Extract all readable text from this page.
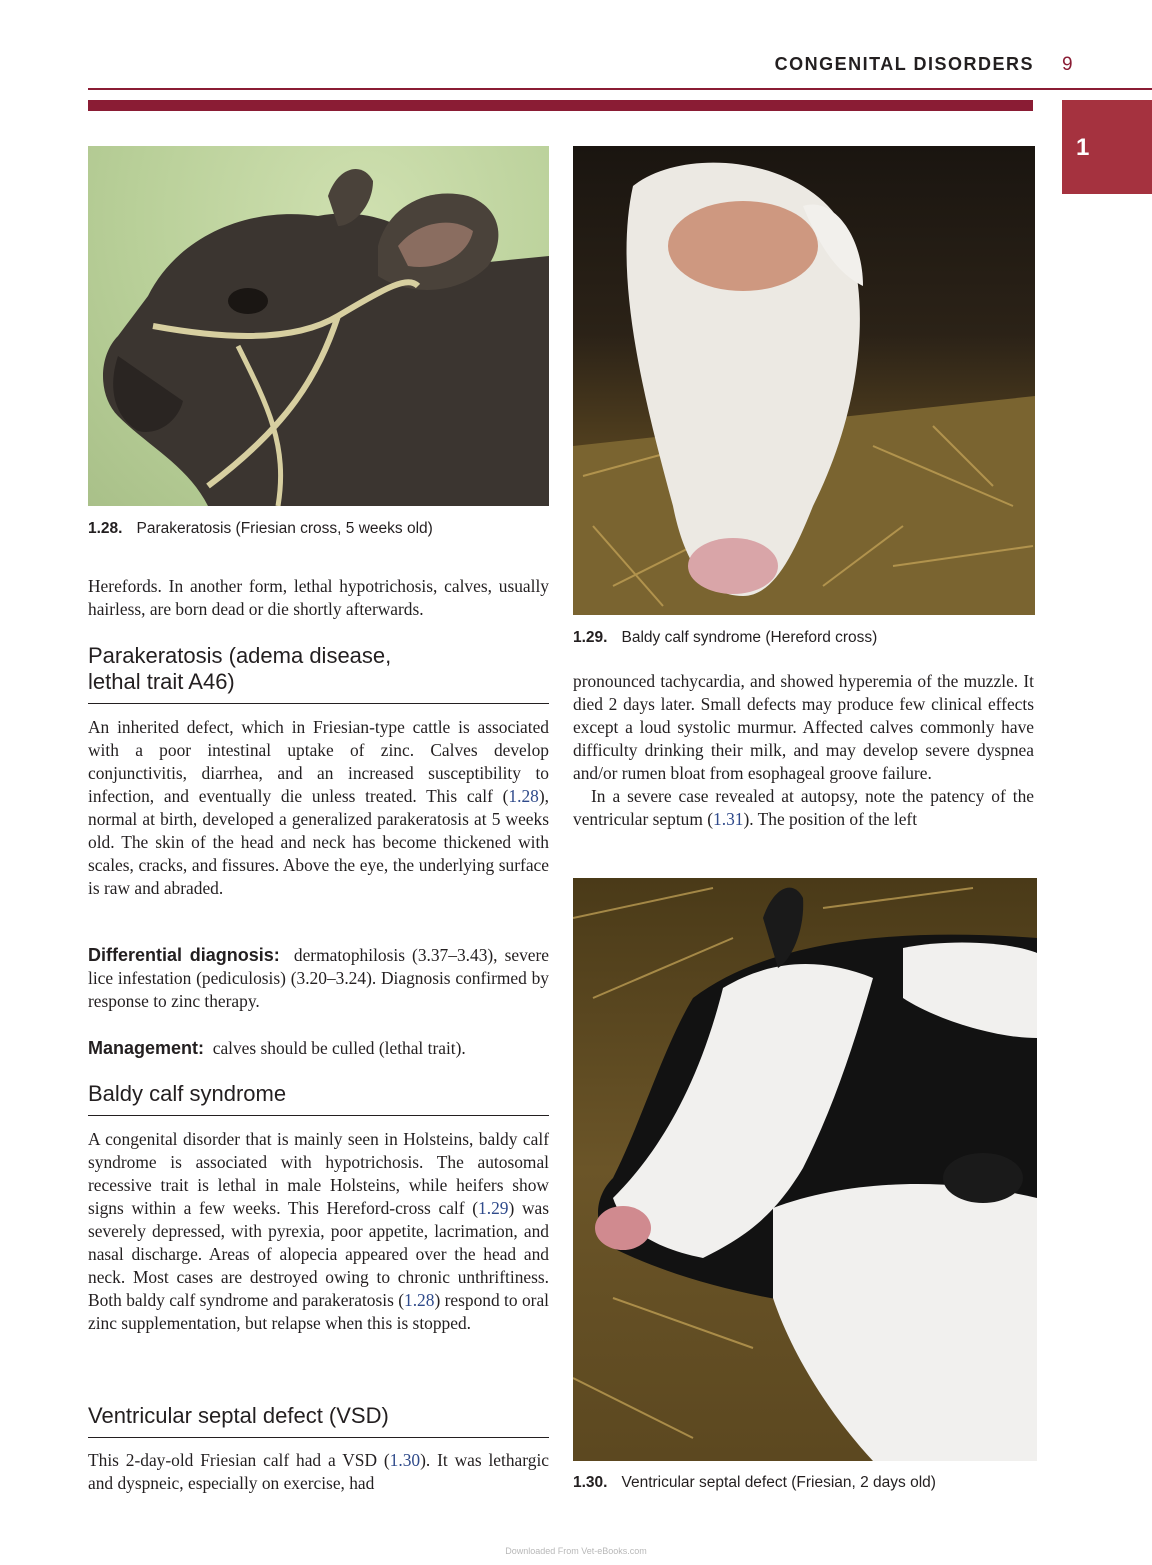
CONGENITAL DISORDERS 9
1
1.28. Parakeratosis (Friesian cross, 5 weeks old)
1.29. Baldy calf syndrome (Hereford cross)
1.30. Ventricular septal defect (Friesian, 2 days old)
Herefords. In another form, lethal hypotrichosis, calves, usually hairless, are born dead or die shortly afterwards.
Parakeratosis (adema disease,
lethal trait A46)

An inherited defect, which in Friesian-type cattle is associated with a poor intestinal uptake of zinc. Calves develop conjunctivitis, diarrhea, and an increased susceptibility to infection, and eventually die unless treated. This calf (1.28), normal at birth, developed a generalized parakeratosis at 5 weeks old. The skin of the head and neck has become thickened with scales, cracks, and fissures. Above the eye, the underlying surface is raw and abraded.

Differential diagnosis: dermatophilosis (3.37–3.43), severe lice infestation (pediculosis) (3.20–3.24). Diagnosis confirmed by response to zinc therapy.

Management: calves should be culled (lethal trait).

Baldy calf syndrome

A congenital disorder that is mainly seen in Holsteins, baldy calf syndrome is associated with hypotrichosis. The autosomal recessive trait is lethal in male Holsteins, while heifers show signs within a few weeks. This Hereford-cross calf (1.29) was severely depressed, with pyrexia, poor appetite, lacrimation, and nasal discharge. Areas of alopecia appeared over the head and neck. Most cases are destroyed owing to chronic unthriftiness. Both baldy calf syndrome and parakeratosis (1.28) respond to oral zinc supplementation, but relapse when this is stopped.

Ventricular septal defect (VSD)

This 2-day-old Friesian calf had a VSD (1.30). It was lethargic and dyspneic, especially on exercise, had

pronounced tachycardia, and showed hyperemia of the muzzle. It died 2 days later. Small defects may produce few clinical effects except a loud systolic murmur. Affected calves commonly have difficulty drinking their milk, and may develop severe dyspnea and/or rumen bloat from esophageal groove failure.

In a severe case revealed at autopsy, note the patency of the ventricular septum (1.31). The position of the left

Downloaded From Vet-eBooks.com
